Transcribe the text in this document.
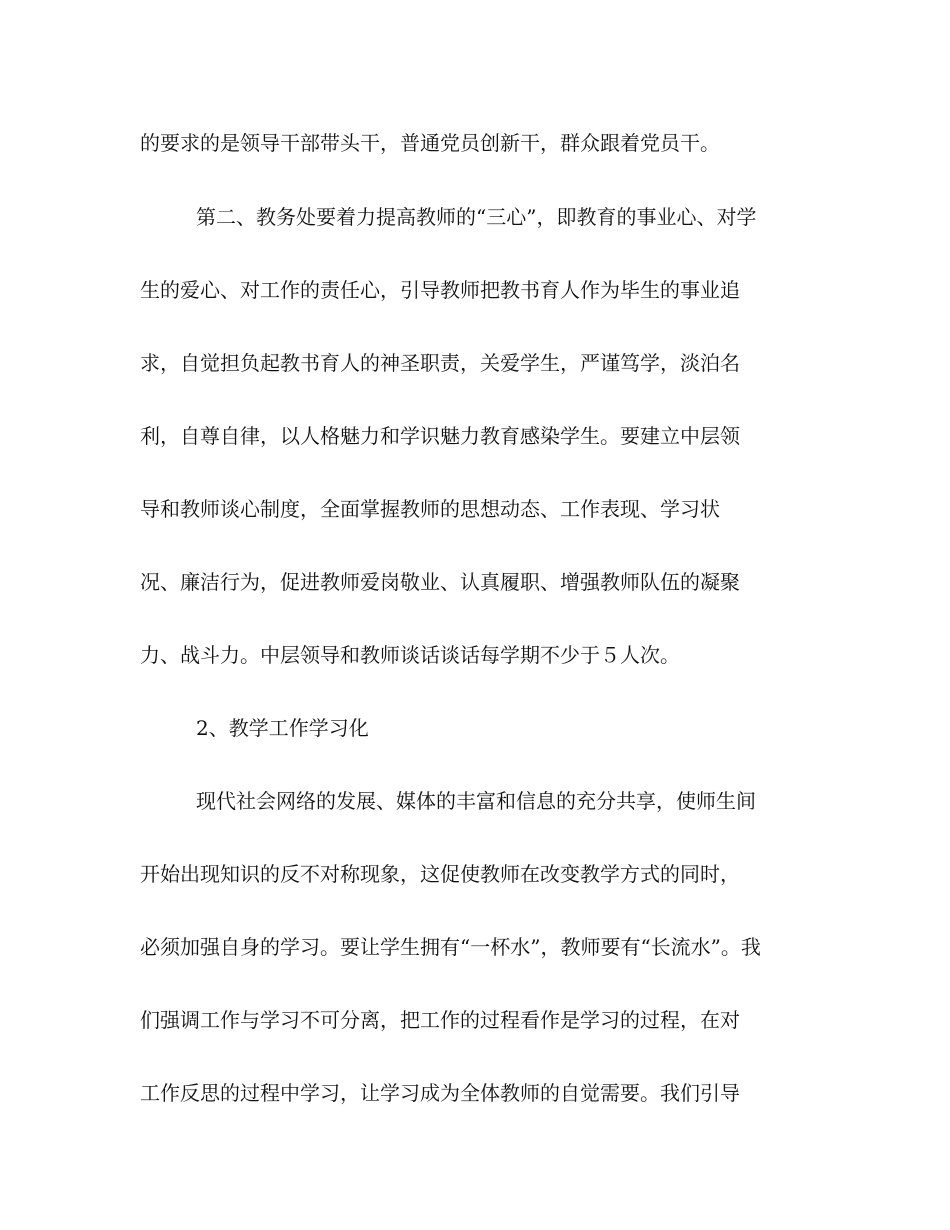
的要求的是领导干部带头干，普通党员创新干，群众跟着党员干。
第二、教务处要着力提高教师的“三心”，即教育的事业心、对学
生的爱心、对工作的责任心，引导教师把教书育人作为毕生的事业追
求，自觉担负起教书育人的神圣职责，关爱学生，严谨笃学，淡泊名
利，自尊自律，以人格魅力和学识魅力教育感染学生。要建立中层领
导和教师谈心制度，全面掌握教师的思想动态、工作表现、学习状
况、廉洁行为，促进教师爱岗敬业、认真履职、增强教师队伍的凝聚
力、战斗力。中层领导和教师谈话谈话每学期不少于５人次。
2、教学工作学习化
现代社会网络的发展、媒体的丰富和信息的充分共享，使师生间
开始出现知识的反不对称现象，这促使教师在改变教学方式的同时，
必须加强自身的学习。要让学生拥有“一杯水”，教师要有“长流水”。我
们强调工作与学习不可分离，把工作的过程看作是学习的过程，在对
工作反思的过程中学习，让学习成为全体教师的自觉需要。我们引导
